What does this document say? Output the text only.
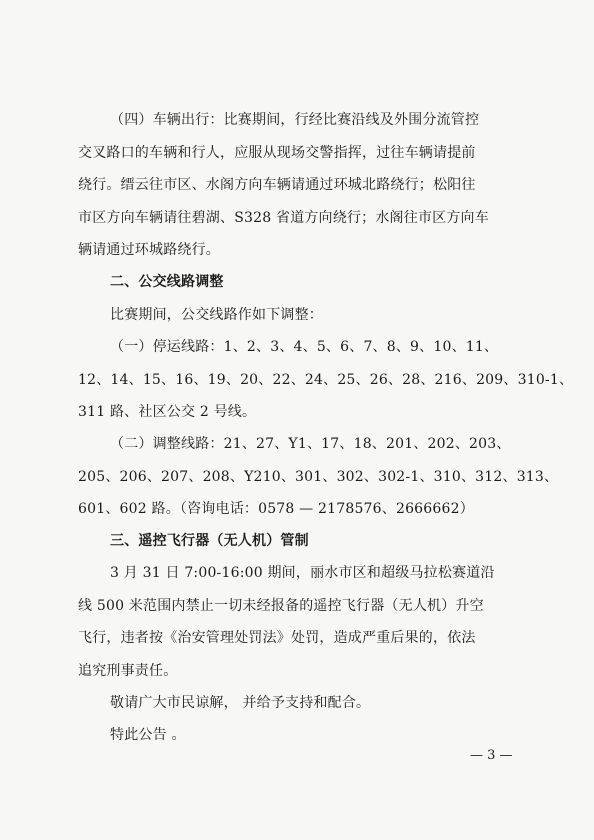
（四）车辆出行：比赛期间，行经比赛沿线及外围分流管控
交叉路口的车辆和行人，应服从现场交警指挥，过往车辆请提前
绕行。缙云往市区、水阁方向车辆请通过环城北路绕行；松阳往
市区方向车辆请往碧湖、S328 省道方向绕行；水阁往市区方向车
辆请通过环城路绕行。
二、公交线路调整
比赛期间，公交线路作如下调整：
（一）停运线路：1、2、3、4、5、6、7、8、9、10、11、
12、14、15、16、19、20、22、24、25、26、28、216、209、310-1、
311 路、社区公交 2 号线。
（二）调整线路：21、27、Y1、17、18、201、202、203、
205、206、207、208、Y210、301、302、302-1、310、312、313、
601、602 路。（咨询电话：0578 — 2178576、2666662）
三、遥控飞行器（无人机）管制
3 月 31 日 7:00-16:00 期间，丽水市区和超级马拉松赛道沿
线 500 米范围内禁止一切未经报备的遥控飞行器（无人机）升空
飞行，违者按《治安管理处罚法》处罚，造成严重后果的，依法
追究刑事责任。
敬请广大市民谅解， 并给予支持和配合。
特此公告 。
— 3 —
